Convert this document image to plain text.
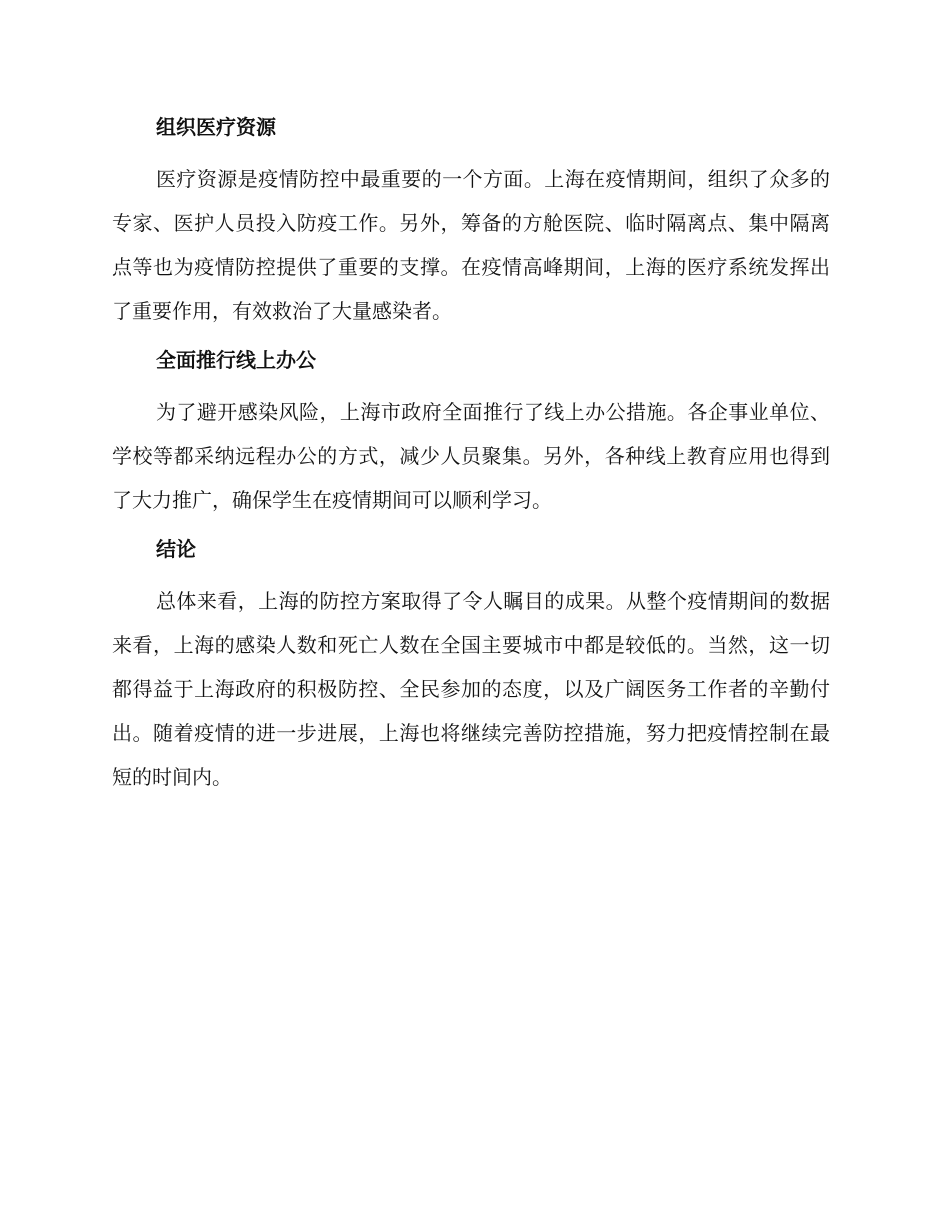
组织医疗资源

医疗资源是疫情防控中最重要的一个方面。上海在疫情期间，组织了众多的专家、医护人员投入防疫工作。另外，筹备的方舱医院、临时隔离点、集中隔离点等也为疫情防控提供了重要的支撑。在疫情高峰期间，上海的医疗系统发挥出了重要作用，有效救治了大量感染者。

全面推行线上办公

为了避开感染风险，上海市政府全面推行了线上办公措施。各企事业单位、学校等都采纳远程办公的方式，减少人员聚集。另外，各种线上教育应用也得到了大力推广，确保学生在疫情期间可以顺利学习。

结论

总体来看，上海的防控方案取得了令人瞩目的成果。从整个疫情期间的数据来看，上海的感染人数和死亡人数在全国主要城市中都是较低的。当然，这一切都得益于上海政府的积极防控、全民参加的态度，以及广阔医务工作者的辛勤付出。随着疫情的进一步进展，上海也将继续完善防控措施，努力把疫情控制在最短的时间内。
